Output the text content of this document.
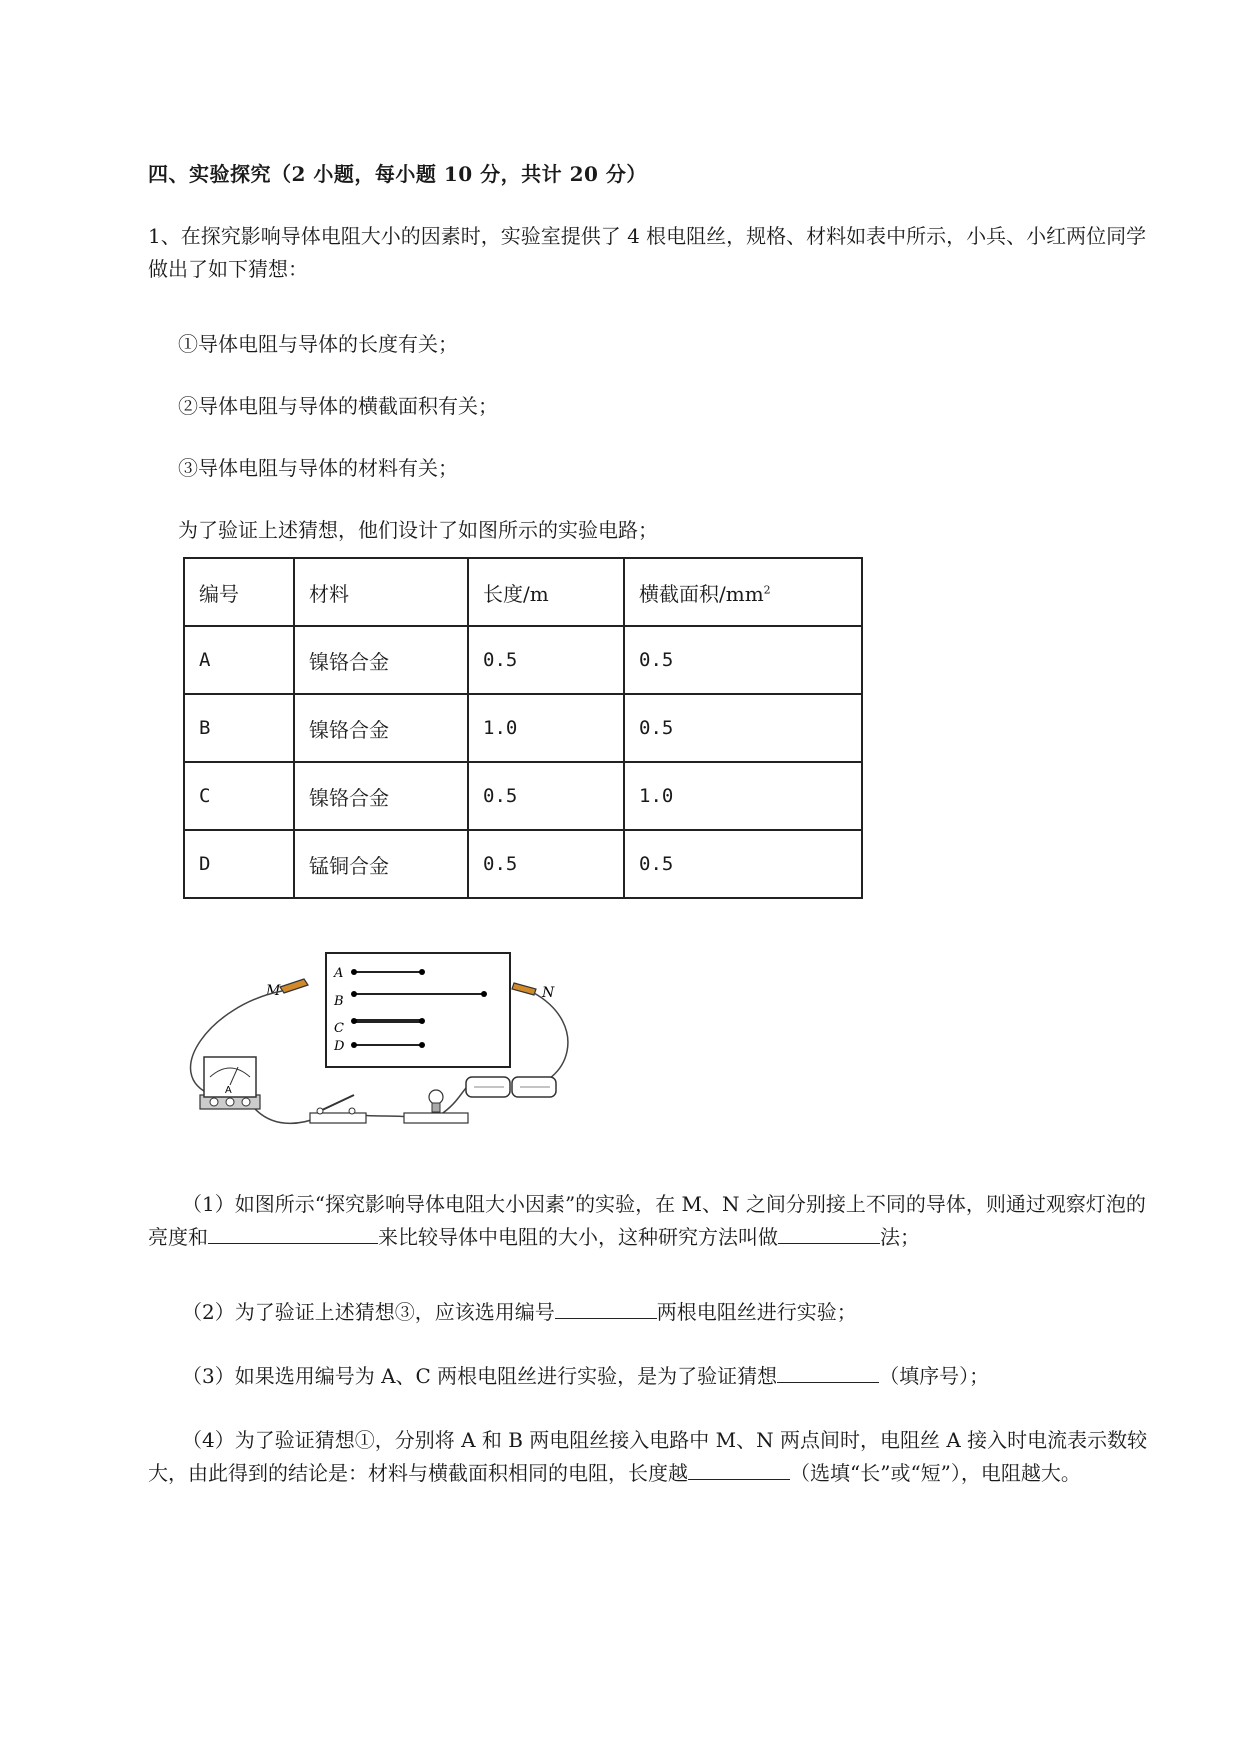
四、实验探究（2 小题，每小题 10 分，共计 20 分）
1、在探究影响导体电阻大小的因素时，实验室提供了 4 根电阻丝，规格、材料如表中所示，小兵、小红两位同学做出了如下猜想：
①导体电阻与导体的长度有关；
②导体电阻与导体的横截面积有关；
③导体电阻与导体的材料有关；
为了验证上述猜想，他们设计了如图所示的实验电路；
编号	材料	长度/m	横截面积$/mm^2$
A	镍铬合金	0.5	0.5
B	镍铬合金	1.0	0.5
C	镍铬合金	0.5	1.0
D	锰铜合金	0.5	0.5
A
B
C
D
M	N
A
（1）如图所示“探究影响导体电阻大小因素”的实验，在 M、N 之间分别接上不同的导体，则通过观察灯泡的亮度和	来比较导体中电阻的大小，这种研究方法叫做	法；
（2）为了验证上述猜想③，应该选用编号	两根电阻丝进行实验；
（3）如果选用编号为 A、C 两根电阻丝进行实验，是为了验证猜想	（填序号）；
（4）为了验证猜想①，分别将 A 和 B 两电阻丝接入电路中 M、N 两点间时，电阻丝 A 接入时电流表示数较大，由此得到的结论是：材料与横截面积相同的电阻，长度越	（选填“长”或“短”），电阻越大。
